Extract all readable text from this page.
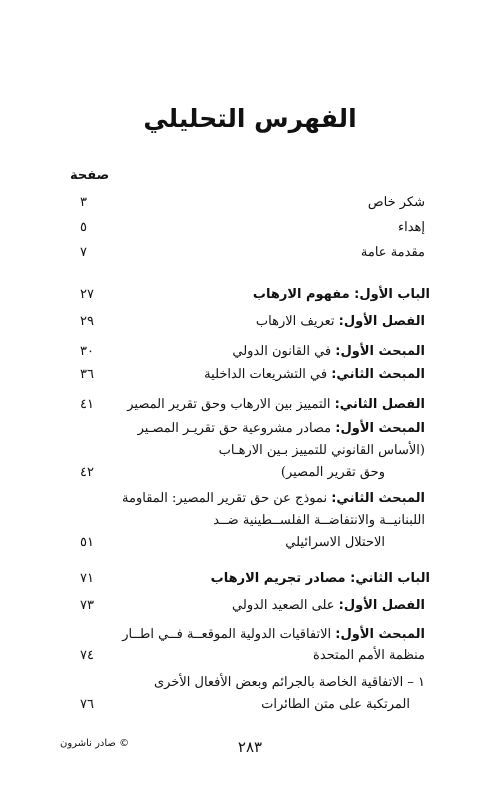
الفهرس التحليلي
صفحة
شكر خاص
٣
إهداء
٥
مقدمة عامة
٧
الباب الأول: مفهوم الارهاب
٢٧
الفصل الأول: تعريف الارهاب
٢٩
المبحث الأول: في القانون الدولي
٣٠
المبحث الثاني: في التشريعات الداخلية
٣٦
الفصل الثاني: التمييز بين الارهاب وحق تقرير المصير
٤١
المبحث الأول: مصادر مشروعية حق تقريـر المصـير
(الأساس القانوني للتمييز بـين الارهـاب
وحق تقرير المصير)
٤٢
المبحث الثاني: نموذج عن حق تقرير المصير: المقاومة
اللبنانيــة والانتفاضــة الفلســطينية ضــد
الاحتلال الاسرائيلي
٥١
الباب الثاني: مصادر تجريم الارهاب
٧١
الفصل الأول: على الصعيد الدولي
٧٣
المبحث الأول: الاتفاقيات الدولية الموقعــة فــي اطــار
منظمة الأمم المتحدة
٧٤
١ – الاتفاقية الخاصة بالجرائم وبعض الأفعال الأخرى
المرتكبة على متن الطائرات
٧٦
٢٨٣
© صادر ناشرون
